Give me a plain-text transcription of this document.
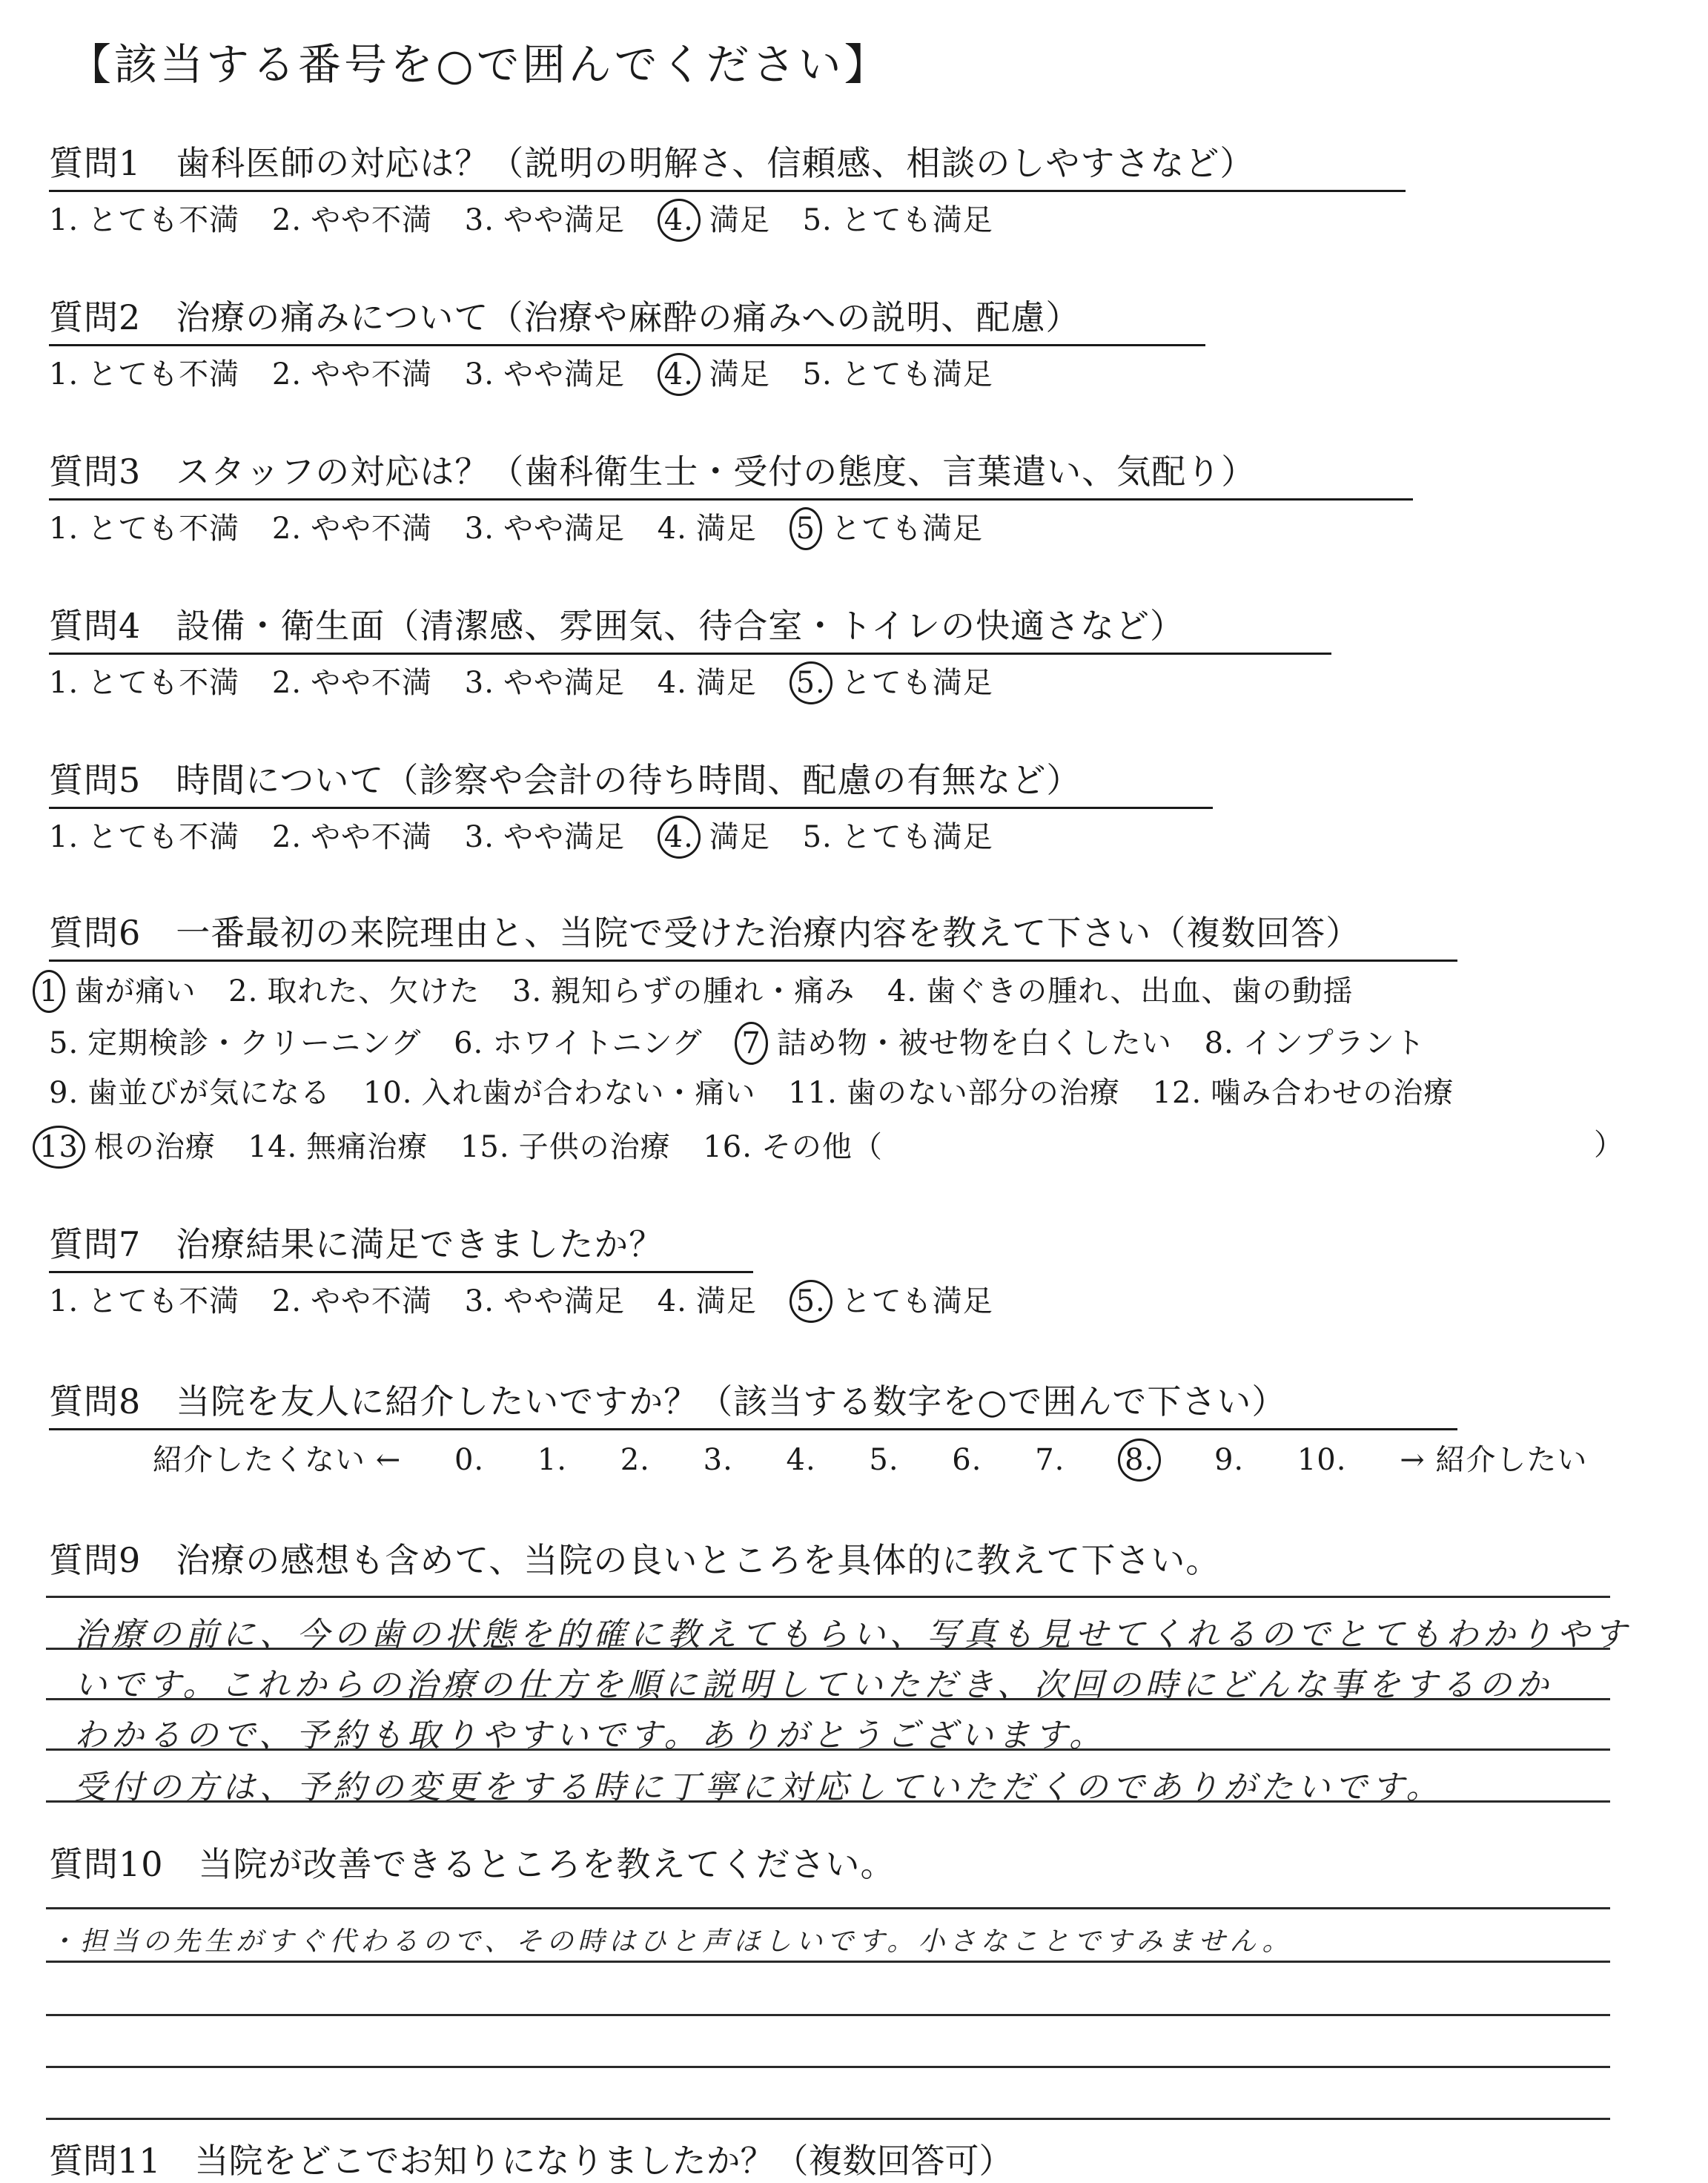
【該当する番号を○で囲んでください】
質問1　歯科医師の対応は？（説明の明解さ、信頼感、相談のしやすさなど）
1. とても不満 2. やや不満 3. やや満足 4. 満足 5. とても満足
質問2　治療の痛みについて（治療や麻酔の痛みへの説明、配慮）
1. とても不満 2. やや不満 3. やや満足 4. 満足 5. とても満足
質問3　スタッフの対応は？（歯科衛生士・受付の態度、言葉遣い、気配り）
1. とても不満 2. やや不満 3. やや満足 4. 満足 5 とても満足
質問4　設備・衛生面（清潔感、雰囲気、待合室・トイレの快適さなど）
1. とても不満 2. やや不満 3. やや満足 4. 満足 5. とても満足
質問5　時間について（診察や会計の待ち時間、配慮の有無など）
1. とても不満 2. やや不満 3. やや満足 4. 満足 5. とても満足
質問6　一番最初の来院理由と、当院で受けた治療内容を教えて下さい（複数回答）
1 歯が痛い 2. 取れた、欠けた 3. 親知らずの腫れ・痛み 4. 歯ぐきの腫れ、出血、歯の動揺
5. 定期検診・クリーニング 6. ホワイトニング 7 詰め物・被せ物を白くしたい 8. インプラント
9. 歯並びが気になる 10. 入れ歯が合わない・痛い 11. 歯のない部分の治療 12. 噛み合わせの治療
13 根の治療 14. 無痛治療 15. 子供の治療 16. その他（	）
質問7　治療結果に満足できましたか？
1. とても不満 2. やや不満 3. やや満足 4. 満足 5. とても満足
質問8　当院を友人に紹介したいですか？（該当する数字を○で囲んで下さい）
紹介したくない ← 0. 1. 2. 3. 4. 5. 6. 7. 8. 9. 10. → 紹介したい
質問9　治療の感想も含めて、当院の良いところを具体的に教えて下さい。
治療の前に、今の歯の状態を的確に教えてもらい、写真も見せてくれるのでとてもわかりやす
いです。これからの治療の仕方を順に説明していただき、次回の時にどんな事をするのか
わかるので、予約も取りやすいです。ありがとうございます。
受付の方は、予約の変更をする時に丁寧に対応していただくのでありがたいです。
質問10　当院が改善できるところを教えてください。
・担当の先生がすぐ代わるので、その時はひと声ほしいです。小さなことですみません。
質問11　当院をどこでお知りになりましたか？（複数回答可）
